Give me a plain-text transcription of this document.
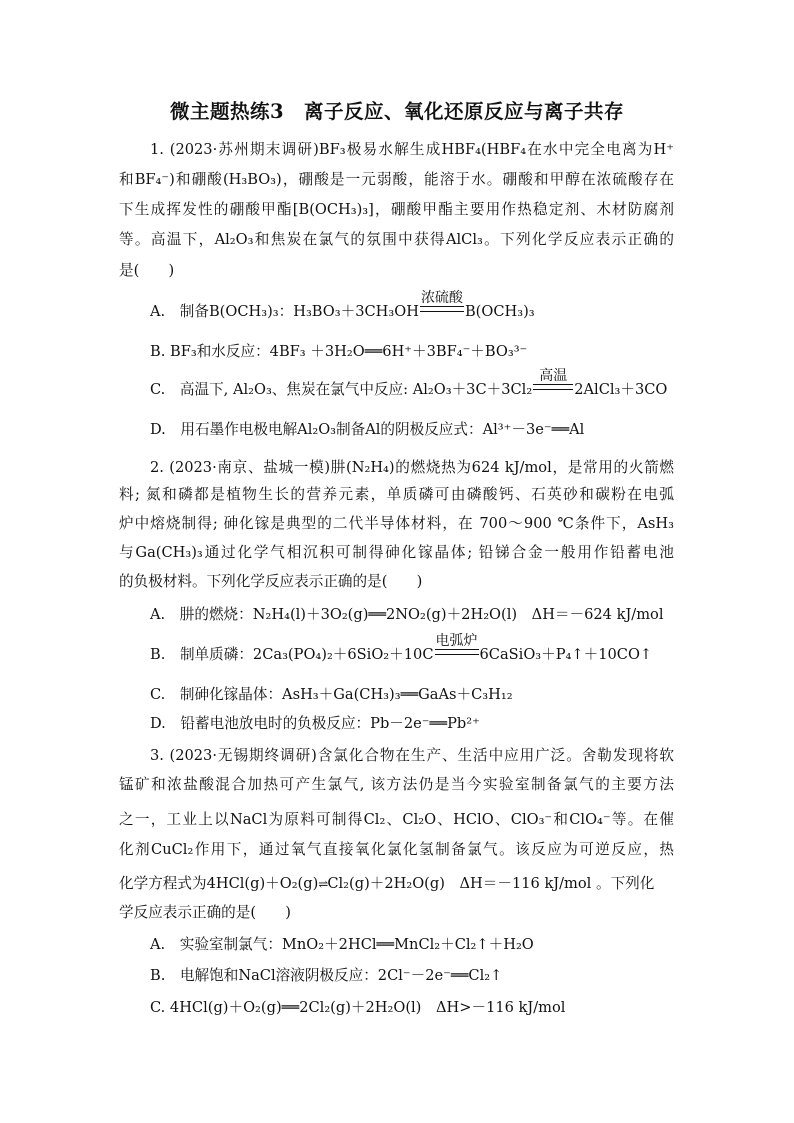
微主题热练3　离子反应、氧化还原反应与离子共存
1. (2023·苏州期末调研)BF₃极易水解生成HBF₄(HBF₄在水中完全电离为H⁺
和BF₄⁻)和硼酸(H₃BO₃)，硼酸是一元弱酸，能溶于水。硼酸和甲醇在浓硫酸存在
下生成挥发性的硼酸甲酯[B(OCH₃)₃]，硼酸甲酯主要用作热稳定剂、木材防腐剂
等。高温下，Al₂O₃和焦炭在氯气的氛围中获得AlCl₃。下列化学反应表示正确的
是(　　)
A.　制备B(OCH₃)₃：H₃BO₃＋3CH₃OH
浓硫酸
B(OCH₃)₃
B. BF₃和水反应：4BF₃ ＋3H₂O══6H⁺＋3BF₄⁻＋BO₃³⁻
C.　高温下, Al₂O₃、焦炭在氯气中反应: Al₂O₃＋3C＋3Cl₂
高温
2AlCl₃＋3CO
D.　用石墨作电极电解Al₂O₃制备Al的阴极反应式：Al³⁺－3e⁻══Al
2. (2023·南京、盐城一模)肼(N₂H₄)的燃烧热为624 kJ/mol，是常用的火箭燃
料; 氮和磷都是植物生长的营养元素，单质磷可由磷酸钙、石英砂和碳粉在电弧
炉中熔烧制得; 砷化镓是典型的二代半导体材料，在 700～900 ℃条件下，AsH₃
与Ga(CH₃)₃通过化学气相沉积可制得砷化镓晶体; 铅锑合金一般用作铅蓄电池
的负极材料。下列化学反应表示正确的是(　　)
A.　肼的燃烧：N₂H₄(l)＋3O₂(g)══2NO₂(g)＋2H₂O(l)　ΔH＝－624 kJ/mol
B.　制单质磷：2Ca₃(PO₄)₂＋6SiO₂＋10C
电弧炉
6CaSiO₃＋P₄↑＋10CO↑
C.　制砷化镓晶体：AsH₃＋Ga(CH₃)₃══GaAs＋C₃H₁₂
D.　铅蓄电池放电时的负极反应：Pb－2e⁻══Pb²⁺
3. (2023·无锡期终调研)含氯化合物在生产、生活中应用广泛。舍勒发现将软
锰矿和浓盐酸混合加热可产生氯气, 该方法仍是当今实验室制备氯气的主要方法
之一，工业上以NaCl为原料可制得Cl₂、Cl₂O、HClO、ClO₃⁻和ClO₄⁻等。在催
化剂CuCl₂作用下，通过氧气直接氧化氯化氢制备氯气。该反应为可逆反应，热
化学方程式为4HCl(g)＋O₂(g)⇌Cl₂(g)＋2H₂O(g)　ΔH＝－116 kJ/mol 。下列化
学反应表示正确的是(　　)
A.　实验室制氯气：MnO₂＋2HCl══MnCl₂＋Cl₂↑＋H₂O
B.　电解饱和NaCl溶液阴极反应：2Cl⁻－2e⁻══Cl₂↑
C. 4HCl(g)＋O₂(g)══2Cl₂(g)＋2H₂O(l)　ΔH>－116 kJ/mol
